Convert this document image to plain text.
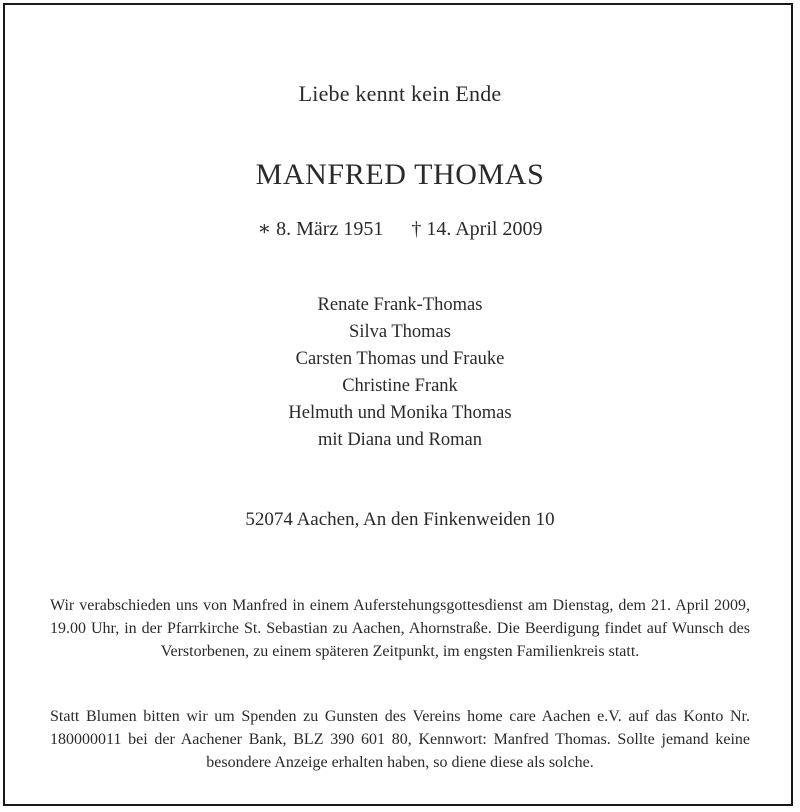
Liebe kennt kein Ende
MANFRED THOMAS
∗ 8. März 1951 † 14. April 2009
Renate Frank-Thomas
Silva Thomas
Carsten Thomas und Frauke
Christine Frank
Helmuth und Monika Thomas
mit Diana und Roman
52074 Aachen, An den Finkenweiden 10
Wir verabschieden uns von Manfred in einem Auferstehungsgottesdienst am Dienstag, dem 21. April 2009, 19.00 Uhr, in der Pfarrkirche St. Sebastian zu Aachen, Ahornstraße. Die Beerdigung findet auf Wunsch des Verstorbenen, zu einem späteren Zeitpunkt, im engsten Familienkreis statt.
Statt Blumen bitten wir um Spenden zu Gunsten des Vereins home care Aachen e.V. auf das Konto Nr. 180000011 bei der Aachener Bank, BLZ 390 601 80, Kennwort: Manfred Thomas. Sollte jemand keine besondere Anzeige erhalten haben, so diene diese als solche.
